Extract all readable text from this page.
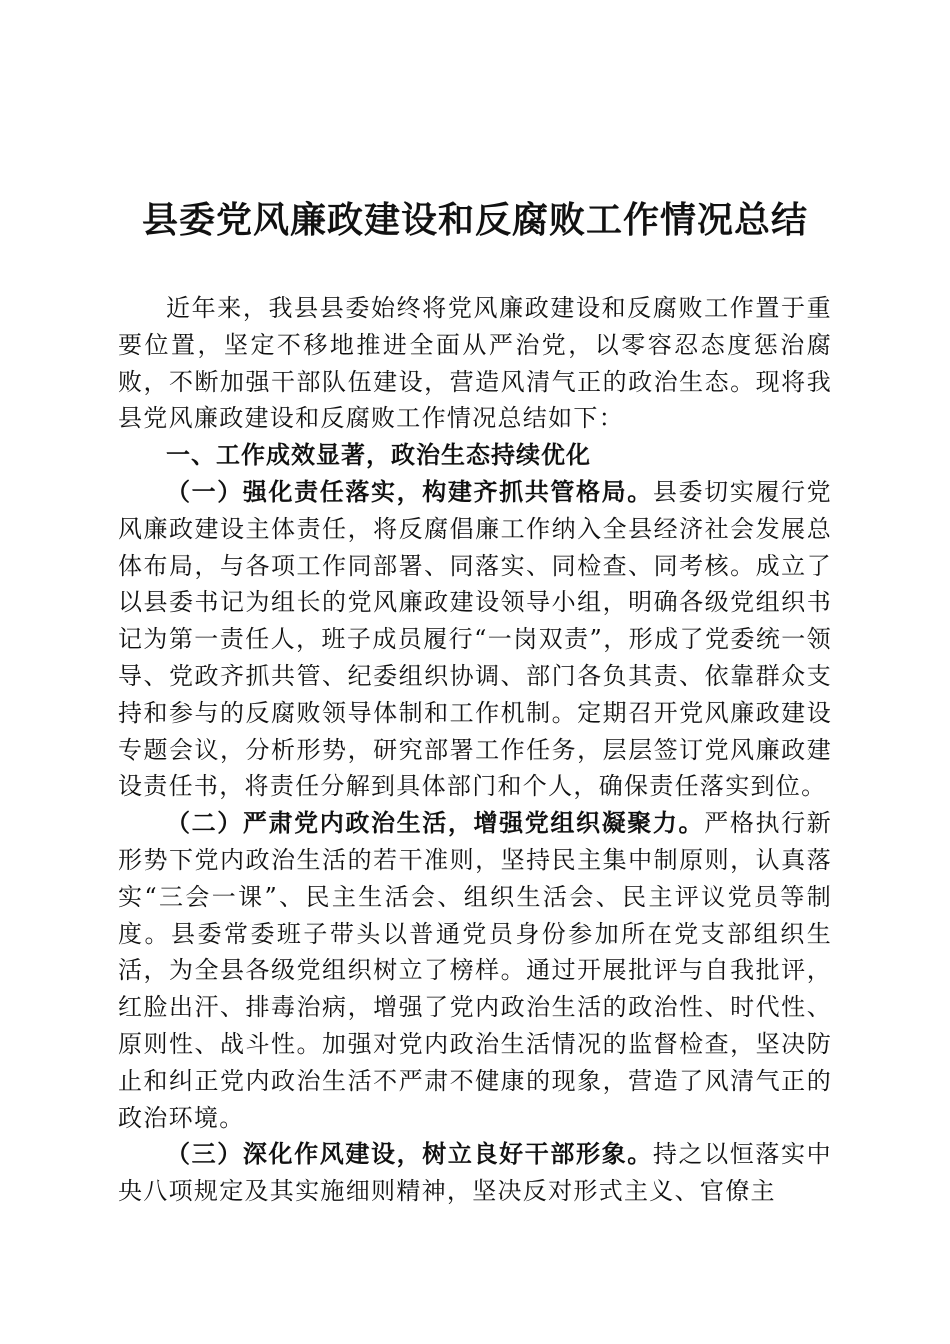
县委党风廉政建设和反腐败工作情况总结

近年来，我县县委始终将党风廉政建设和反腐败工作置于重要位置，坚定不移地推进全面从严治党，以零容忍态度惩治腐败，不断加强干部队伍建设，营造风清气正的政治生态。现将我县党风廉政建设和反腐败工作情况总结如下：

一、工作成效显著，政治生态持续优化

（一）强化责任落实，构建齐抓共管格局。县委切实履行党风廉政建设主体责任，将反腐倡廉工作纳入全县经济社会发展总体布局，与各项工作同部署、同落实、同检查、同考核。成立了以县委书记为组长的党风廉政建设领导小组，明确各级党组织书记为第一责任人，班子成员履行“一岗双责”，形成了党委统一领导、党政齐抓共管、纪委组织协调、部门各负其责、依靠群众支持和参与的反腐败领导体制和工作机制。定期召开党风廉政建设专题会议，分析形势，研究部署工作任务，层层签订党风廉政建设责任书，将责任分解到具体部门和个人，确保责任落实到位。

（二）严肃党内政治生活，增强党组织凝聚力。严格执行新形势下党内政治生活的若干准则，坚持民主集中制原则，认真落实“三会一课”、民主生活会、组织生活会、民主评议党员等制度。县委常委班子带头以普通党员身份参加所在党支部组织生活，为全县各级党组织树立了榜样。通过开展批评与自我批评，红脸出汗、排毒治病，增强了党内政治生活的政治性、时代性、原则性、战斗性。加强对党内政治生活情况的监督检查，坚决防止和纠正党内政治生活不严肃不健康的现象，营造了风清气正的政治环境。

（三）深化作风建设，树立良好干部形象。持之以恒落实中央八项规定及其实施细则精神，坚决反对形式主义、官僚主
